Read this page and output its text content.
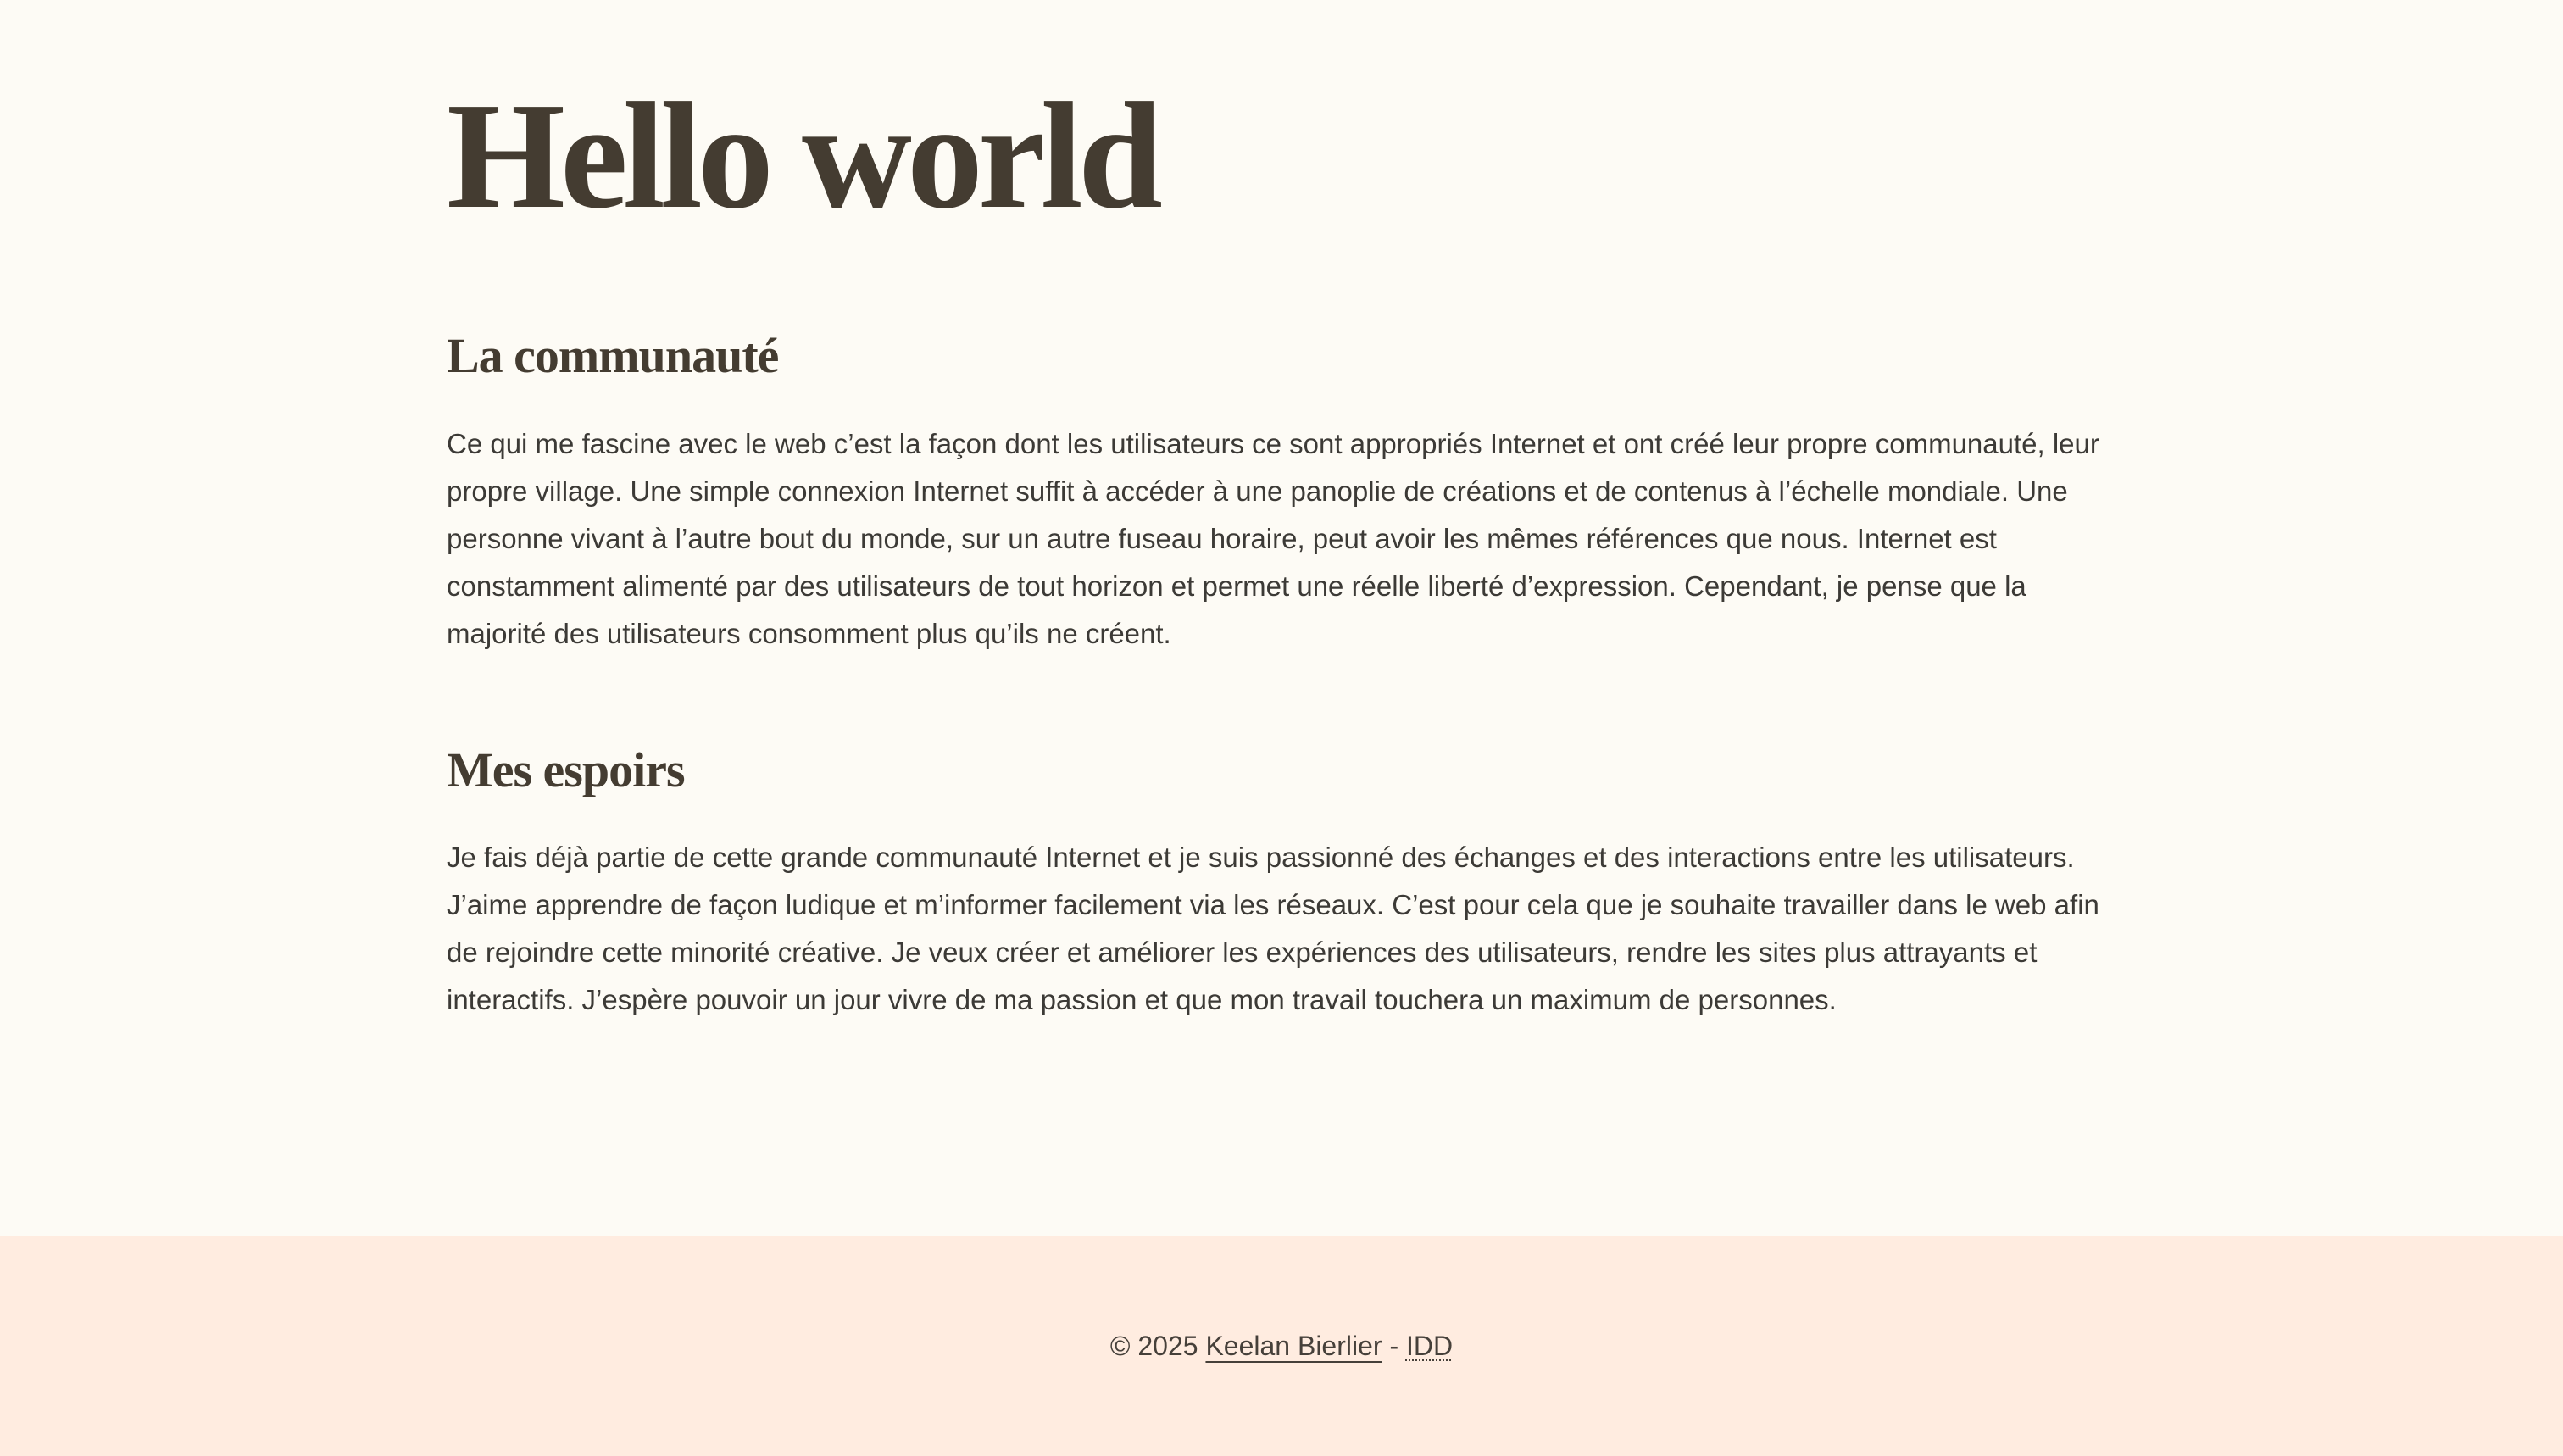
Hello world
La communauté

Ce qui me fascine avec le web c’est la façon dont les utilisateurs ce sont appropriés Internet et ont créé leur propre communauté, leur propre village. Une simple connexion Internet suffit à accéder à une panoplie de créations et de contenus à l’échelle mondiale. Une personne vivant à l’autre bout du monde, sur un autre fuseau horaire, peut avoir les mêmes références que nous. Internet est constamment alimenté par des utilisateurs de tout horizon et permet une réelle liberté d’expression. Cependant, je pense que la majorité des utilisateurs consomment plus qu’ils ne créent.

Mes espoirs

Je fais déjà partie de cette grande communauté Internet et je suis passionné des échanges et des interactions entre les utilisateurs. J’aime apprendre de façon ludique et m’informer facilement via les réseaux. C’est pour cela que je souhaite travailler dans le web afin de rejoindre cette minorité créative. Je veux créer et améliorer les expériences des utilisateurs, rendre les sites plus attrayants et interactifs. J’espère pouvoir un jour vivre de ma passion et que mon travail touchera un maximum de personnes.

© 2025 Keelan Bierlier - IDD
